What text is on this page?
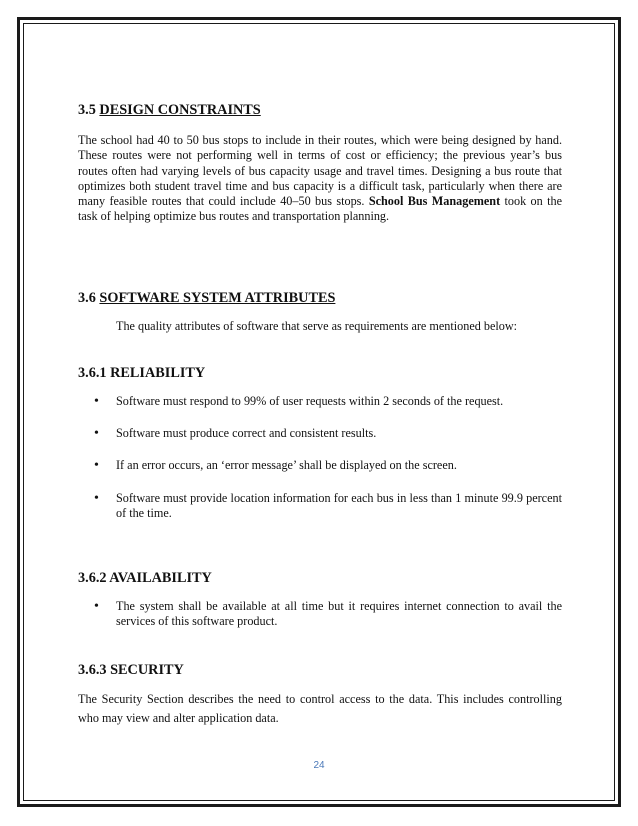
3.5 DESIGN CONSTRAINTS

The school had 40 to 50 bus stops to include in their routes, which were being designed by hand. These routes were not performing well in terms of cost or efficiency; the previous year’s bus routes often had varying levels of bus capacity usage and travel times. Designing a bus route that optimizes both student travel time and bus capacity is a difficult task, particularly when there are many feasible routes that could include 40–50 bus stops. School Bus Management took on the task of helping optimize bus routes and transportation planning.

3.6 SOFTWARE SYSTEM ATTRIBUTES

The quality attributes of software that serve as requirements are mentioned below:

3.6.1 RELIABILITY
• Software must respond to 99% of user requests within 2 seconds of the request.
• Software must produce correct and consistent results.
• If an error occurs, an ‘error message’ shall be displayed on the screen.
• Software must provide location information for each bus in less than 1 minute 99.9 percent of the time.
3.6.2 AVAILABILITY
• The system shall be available at all time but it requires internet connection to avail the services of this software product.
3.6.3 SECURITY

The Security Section describes the need to control access to the data. This includes controlling who may view and alter application data.

24
